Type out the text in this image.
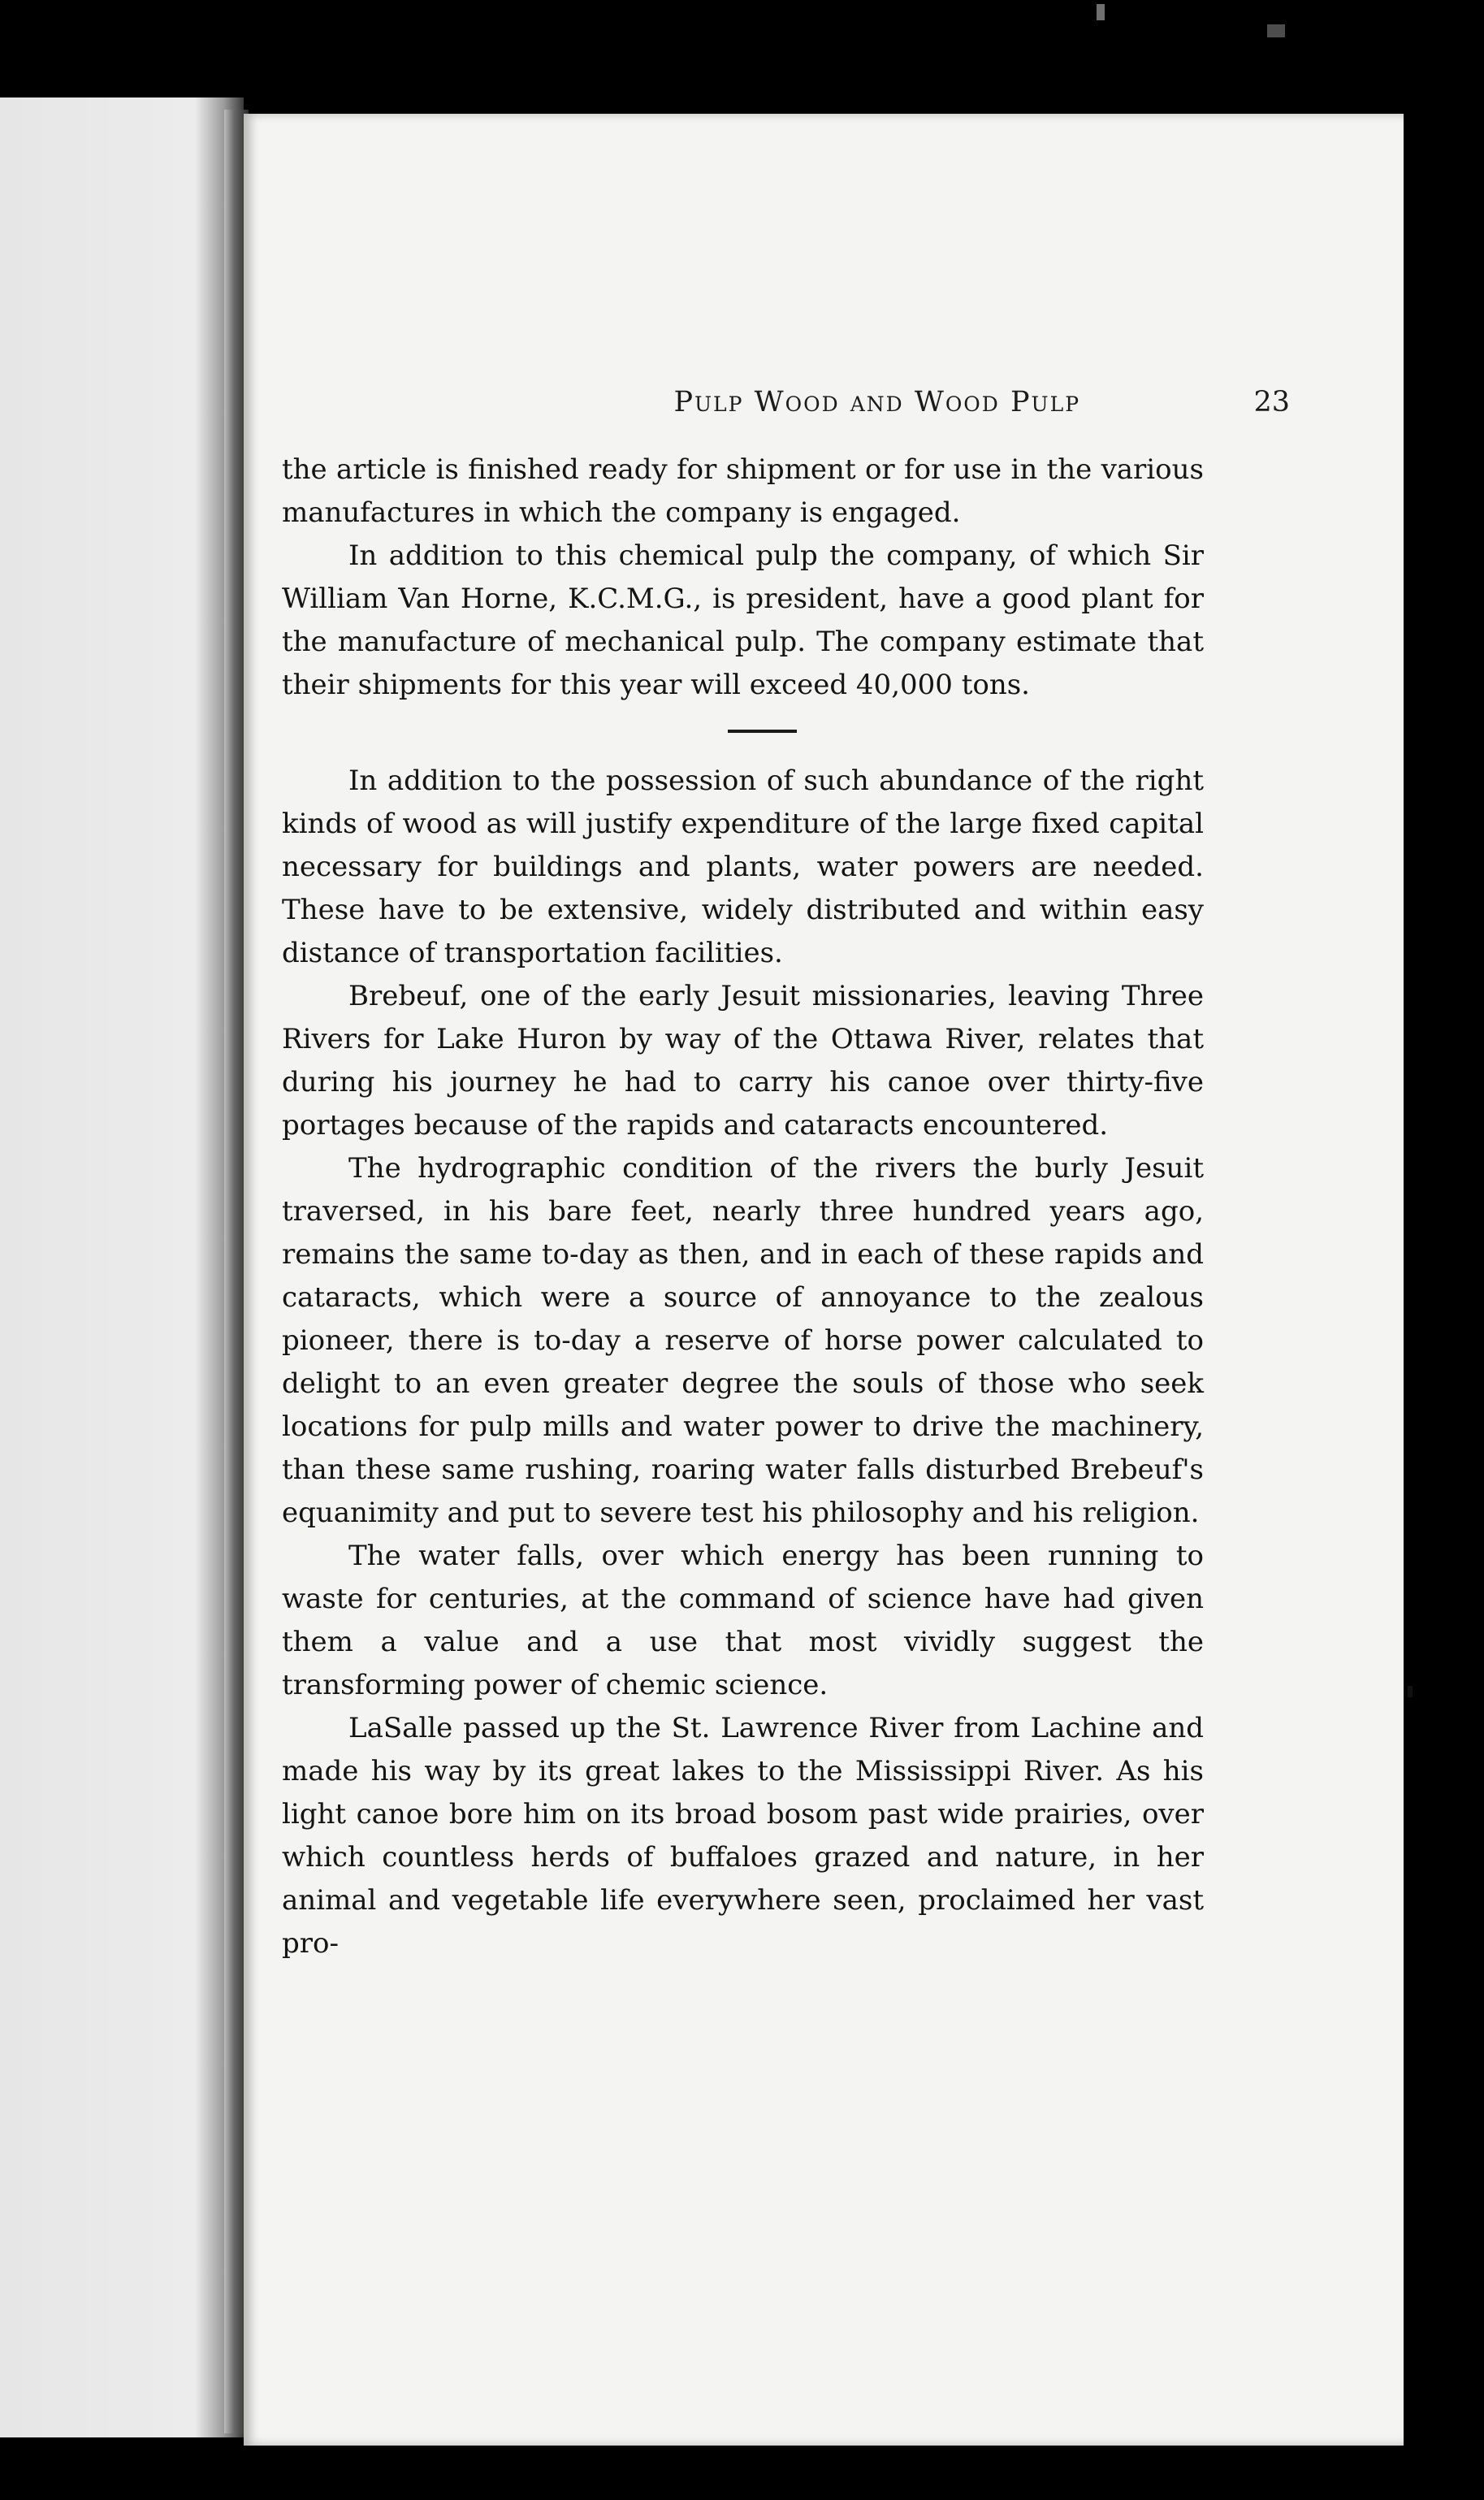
Pulp Wood and Wood Pulp	23

the article is finished ready for shipment or for use in the various manufactures in which the company is engaged.

In addition to this chemical pulp the company, of which Sir William Van Horne, K.C.M.G., is president, have a good plant for the manufacture of mechanical pulp. The company estimate that their shipments for this year will exceed 40,000 tons.

In addition to the possession of such abundance of the right kinds of wood as will justify expenditure of the large fixed capital necessary for buildings and plants, water powers are needed. These have to be extensive, widely distributed and within easy distance of transportation facilities.

Brebeuf, one of the early Jesuit missionaries, leaving Three Rivers for Lake Huron by way of the Ottawa River, relates that during his journey he had to carry his canoe over thirty-five portages because of the rapids and cataracts encountered.

The hydrographic condition of the rivers the burly Jesuit traversed, in his bare feet, nearly three hundred years ago, remains the same to-day as then, and in each of these rapids and cataracts, which were a source of annoyance to the zealous pioneer, there is to-day a reserve of horse power calculated to delight to an even greater degree the souls of those who seek locations for pulp mills and water power to drive the machinery, than these same rushing, roaring water falls disturbed Brebeuf's equanimity and put to severe test his philosophy and his religion.

The water falls, over which energy has been running to waste for centuries, at the command of science have had given them a value and a use that most vividly suggest the transforming power of chemic science.

LaSalle passed up the St. Lawrence River from Lachine and made his way by its great lakes to the Mississippi River. As his light canoe bore him on its broad bosom past wide prairies, over which countless herds of buffaloes grazed and nature, in her animal and vegetable life everywhere seen, proclaimed her vast pro-
